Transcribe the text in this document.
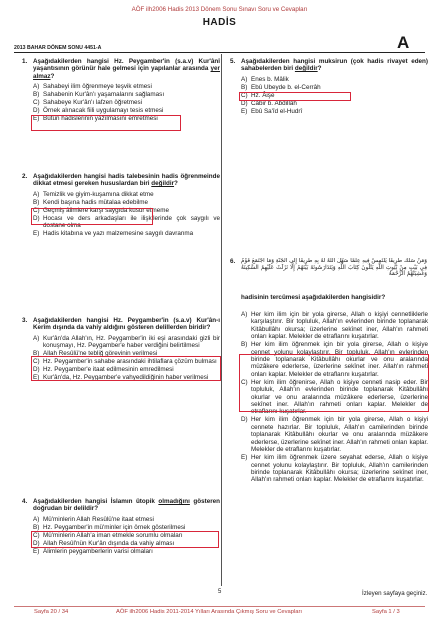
AÖF ilh2006 Hadis 2013 Dönem Sonu Sınavı Soru ve Cevapları
HADİS
2013 BAHAR DÖNEM SONU 4451-A	A
1. Aşağıdakilerden hangisi Hz. Peygamber'in (s.a.v) Kur'ânî yaşantısının görünür hale gelmesi için yapılanlar arasında yer almaz?
A) Sahabeyi ilim öğrenmeye teşvik etmesi
B) Sahabenin Kur'ân'ı yaşamalarını sağlaması
C) Sahabeye Kur'ân'ı lafzen öğretmesi
D) Örnek alınacak fiili uygulamayı tesis etmesi
E) Bütün hadislerinin yazılmasını emretmesi
2. Aşağıdakilerden hangisi hadis talebesinin hadis öğrenmeinde dikkat etmesi gereken hususlardan biri değildir?
A) Temizlik ve giyim-kuşamına dikkat etme
B) Kendi başına hadis mütalaa edebilme
C) Geçmiş âlimlere karşı saygıda kusur etmeme
D) Hocası ve ders arkadaşları ile ilişkilerinde çok saygılı ve dostane olma
E) Hadis kitabına ve yazı malzemesine saygılı davranma
3. Aşağıdakilerden hangisi Hz. Peygamber'in (s.a.v) Kur'ân-ı Kerîm dışında da vahiy aldığını gösteren delillerden biridir?
A) Kur'ân'da Allah'ın, Hz. Peygamber'in iki eşi arasındaki gizli bir konuşmayı, Hz. Peygamber'e haber verdiğini belirtilmesi
B) Allah Resûlü'ne tebliğ görevinin verilmesi
C) Hz. Peygamber'in sahabe arasındaki ihtilaflara çözüm bulması
D) Hz. Peygamber'e itaat edilmesinin emredilmesi
E) Kur'ân'da, Hz. Peygamber'e vahyedildiğinin haber verilmesi
4. Aşağıdakilerden hangisi İslamın ütopik olmadığını gösteren doğrudan bir delildir?
A) Mü'minlerin Allah Resûlü'ne itaat etmesi
B) Hz. Peygamber'in mü'minler için örnek gösterilmesi
C) Mü'minlerin Allah'a iman etmekle sorumlu olmaları
D) Allah Resûl'nün Kur'ân dışında da vahiy alması
E) Âlimlerin peygamberlerin varisi olmaları
5. Aşağıdakilerden hangisi muksirun (çok hadis rivayet eden) sahabelerden biri değildir?
A) Enes b. Mâlik
B) Ebû Ubeyde b. el-Cerrâh
C) Hz. Âişe
D) Câbir b. Abdillâh
E) Ebû Sa'îd el-Hudrî
6.	وَمَنْ سَلَكَ طَرِيقًا يَلْتَمِسُ فِيهِ عِلْمًا سَهَّلَ اللَّهُ لَهُ بِهِ طَرِيقًا إِلَى الْجَنَّةِ وَمَا اجْتَمَعَ قَوْمٌ فِي بَيْتٍ مِنْ بُيُوتِ اللَّهِ يَتْلُونَ كِتَابَ اللَّهِ وَيَتَدَارَسُونَهُ بَيْنَهُمْ إِلَّا نَزَلَتْ عَلَيْهِمُ السَّكِينَةُ وَغَشِيَتْهُمُ الرَّحْمَةُ
hadisinin tercümesi aşağıdakilerden hangisidir?
A) Her kim ilim için bir yola girerse, Allah o kişiyi cennetliklerle karşılaştırır. Bir topluluk, Allah'ın evlerinden birinde toplanarak Kitâbullâhı okursa; üzerlerine sekînet iner, Allah'ın rahmeti onları kaplar. Melekler de etraflarını kuşatırlar.
B) Her kim ilim öğrenmek için bir yola girerse, Allah o kişiye cennet yolunu kolaylaştırır. Bir topluluk, Allah'ın evlerinden birinde toplanarak Kitâbullâhı okurlar ve onu aralarında müzâkere ederlerse, üzerlerine sekînet iner. Allah'ın rahmeti onları kaplar. Melekler de etraflarını kuşatırlar.
C) Her kim ilim öğrenirse, Allah o kişiye cenneti nasip eder. Bir topluluk, Allah'ın evlerinden birinde toplanarak Kitâbullâhı okurlar ve onu aralarında müzâkere ederlerse, üzerlerine sekînet iner. Allah'ın rahmeti onları kaplar. Melekler de etraflarını kuşatırlar.
D) Her kim ilim öğrenmek için bir yola girerse, Allah o kişiyi cennete hazırlar. Bir topluluk, Allah'ın camilerinden birinde toplanarak Kitâbullâhı okurlar ve onu aralarında müzâkere ederlerse, üzerlerine sekînet iner. Allah'ın rahmeti onları kaplar. Melekler de etraflarını kuşatırlar.
E) Her kim ilim öğrenmek üzere seyahat ederse, Allah o kişiye cennet yolunu kolaylaştırır. Bir topluluk, Allah'ın camilerinden birinde toplanarak Kitâbullâhı okursa; üzerlerine sekînet iner, Allah'ın rahmeti onları kaplar. Melekler de etraflarını kuşatırlar.
5	İzleyen sayfaya geçiniz.
Sayfa 20 / 34	AÖF ilh2006 Hadis 2011-2014 Yılları Arasında Çıkmış Soru ve Cevapları	Sayfa 1 / 3
